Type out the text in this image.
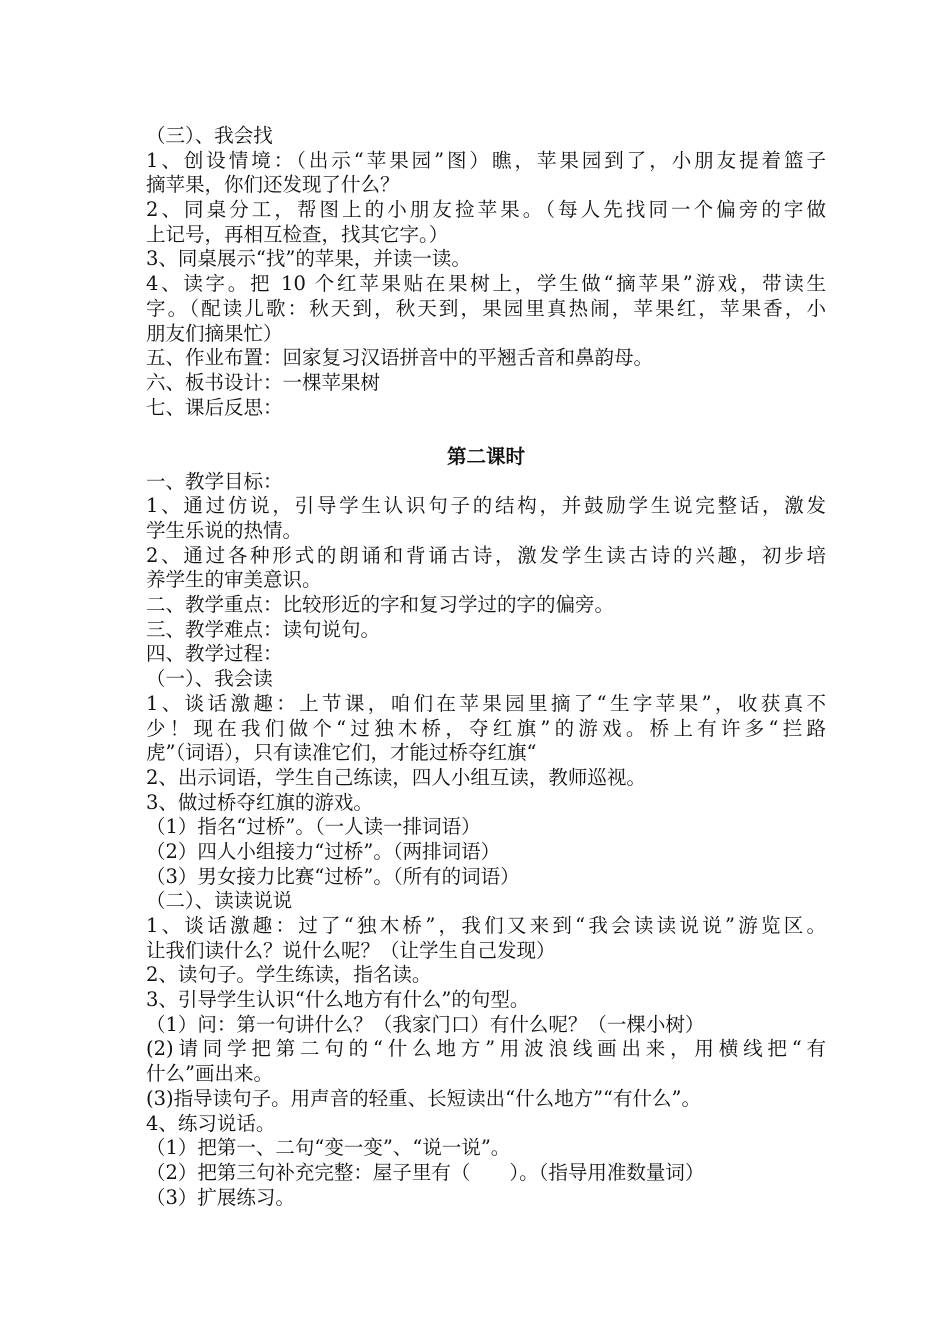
（三）、我会找
1、创设情境：（出示“苹果园”图）瞧，苹果园到了，小朋友提着篮子
摘苹果，你们还发现了什么？
2、同桌分工，帮图上的小朋友捡苹果。（每人先找同一个偏旁的字做
上记号，再相互检查，找其它字。）
3、同桌展示“找”的苹果，并读一读。
4、读字。把 10 个红苹果贴在果树上，学生做“摘苹果”游戏，带读生
字。（配读儿歌：秋天到，秋天到，果园里真热闹，苹果红，苹果香，小
朋友们摘果忙）
五、作业布置：回家复习汉语拼音中的平翘舌音和鼻韵母。
六、板书设计：一棵苹果树
七、课后反思：
第二课时
一、教学目标：
1、通过仿说，引导学生认识句子的结构，并鼓励学生说完整话，激发
学生乐说的热情。
2、通过各种形式的朗诵和背诵古诗，激发学生读古诗的兴趣，初步培
养学生的审美意识。
二、教学重点：比较形近的字和复习学过的字的偏旁。
三、教学难点：读句说句。
四、教学过程：
（一）、我会读
1、谈话激趣：上节课，咱们在苹果园里摘了“生字苹果”，收获真不
少！现在我们做个“过独木桥，夺红旗”的游戏。桥上有许多“拦路
虎”（词语），只有读准它们，才能过桥夺红旗“
2、出示词语，学生自己练读，四人小组互读，教师巡视。
3、做过桥夺红旗的游戏。
（1）指名“过桥”。（一人读一排词语）
（2）四人小组接力“过桥”。（两排词语）
（3）男女接力比赛“过桥”。（所有的词语）
（二）、读读说说
1、谈话激趣：过了“独木桥”，我们又来到“我会读读说说”游览区。
让我们读什么？说什么呢？（让学生自己发现）
2、读句子。学生练读，指名读。
3、引导学生认识“什么地方有什么”的句型。
（1）问：第一句讲什么？（我家门口）有什么呢？（一棵小树）
(2)请同学把第二句的“什么地方”用波浪线画出来，用横线把“有
什么”画出来。
(3)指导读句子。用声音的轻重、长短读出“什么地方”“有什么”。
4、练习说话。
（1）把第一、二句“变一变”、“说一说”。
（2）把第三句补充完整：屋子里有（　　）。（指导用准数量词）
（3）扩展练习。
